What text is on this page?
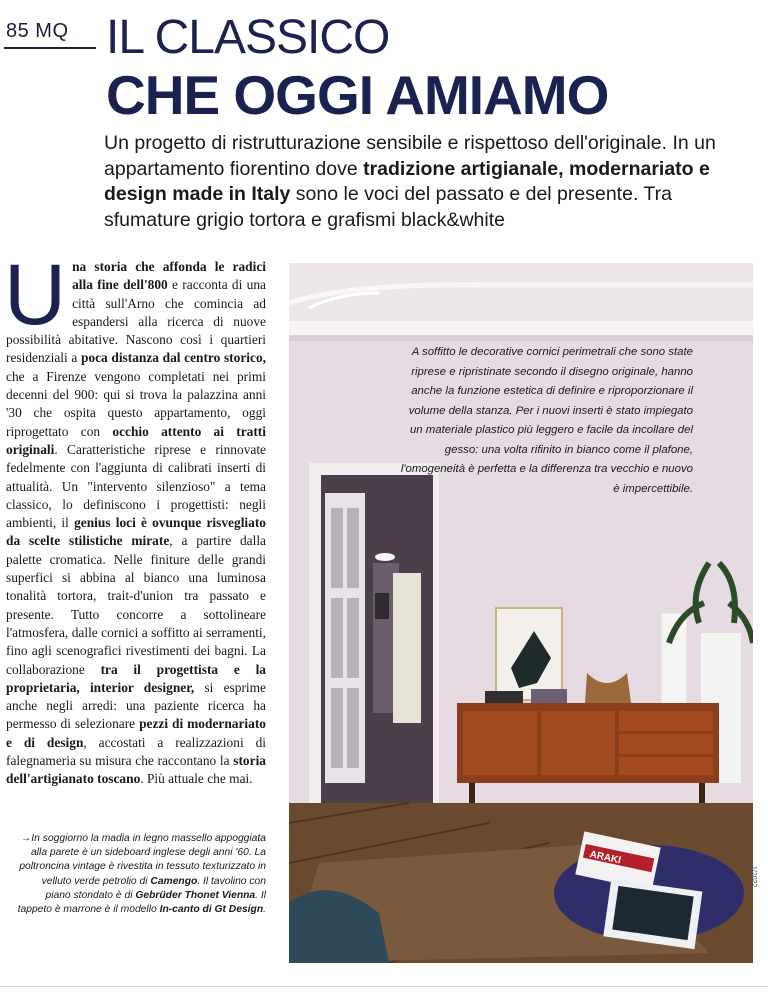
85 MQ IL CLASSICO
CHE OGGI AMIAMO
Un progetto di ristrutturazione sensibile e rispettoso dell'originale. In un appartamento fiorentino dove tradizione artigianale, modernariato e design made in Italy sono le voci del passato e del presente. Tra sfumature grigio tortora e grafismi black&white
Una storia che affonda le radici alla fine dell'800 e racconta di una città sull'Arno che comincia ad espandersi alla ricerca di nuove possibilità abitative. Nascono così i quartieri residenziali a poca distanza dal centro storico, che a Firenze vengono completati nei primi decenni del 900: qui si trova la palazzina anni '30 che ospita questo appartamento, oggi riprogettato con occhio attento ai tratti originali. Caratteristiche riprese e rinnovate fedelmente con l'aggiunta di calibrati inserti di attualità. Un "intervento silenzioso" a tema classico, lo definiscono i progettisti: negli ambienti, il genius loci è ovunque risvegliato da scelte stilistiche mirate, a partire dalla palette cromatica. Nelle finiture delle grandi superfici si abbina al bianco una luminosa tonalità tortora, trait-d'union tra passato e presente. Tutto concorre a sottolineare l'atmosfera, dalle cornici a soffitto ai serramenti, fino agli scenografici rivestimenti dei bagni. La collaborazione tra il progettista e la proprietaria, interior designer, si esprime anche negli arredi: una paziente ricerca ha permesso di selezionare pezzi di modernariato e di design, accostati a realizzazioni di falegnameria su misura che raccontano la storia dell'artigianato toscano. Più attuale che mai.
→In soggiorno la madia in legno massello appoggiata alla parete è un sideboard inglese degli anni '60. La poltroncina vintage è rivestita in tessuto texturizzato in velluto verde petrolio di Camengo. Il tavolino con piano stondato è di Gebrüder Thonet Vienna. Il tappeto è marrone è il modello In-canto di Gt Design.
ARAKI
A soffitto le decorative cornici perimetrali che sono state riprese e ripristinate secondo il disegno originale, hanno anche la funzione estetica di definire e riproporzionare il volume della stanza. Per i nuovi inserti è stato impiegato un materiale plastico più leggero e facile da incollare del gesso: una volta rifinito in bianco come il plafone, l'omogeneità è perfetta e la differenza tra vecchio e nuovo è impercettibile.
1/2022
